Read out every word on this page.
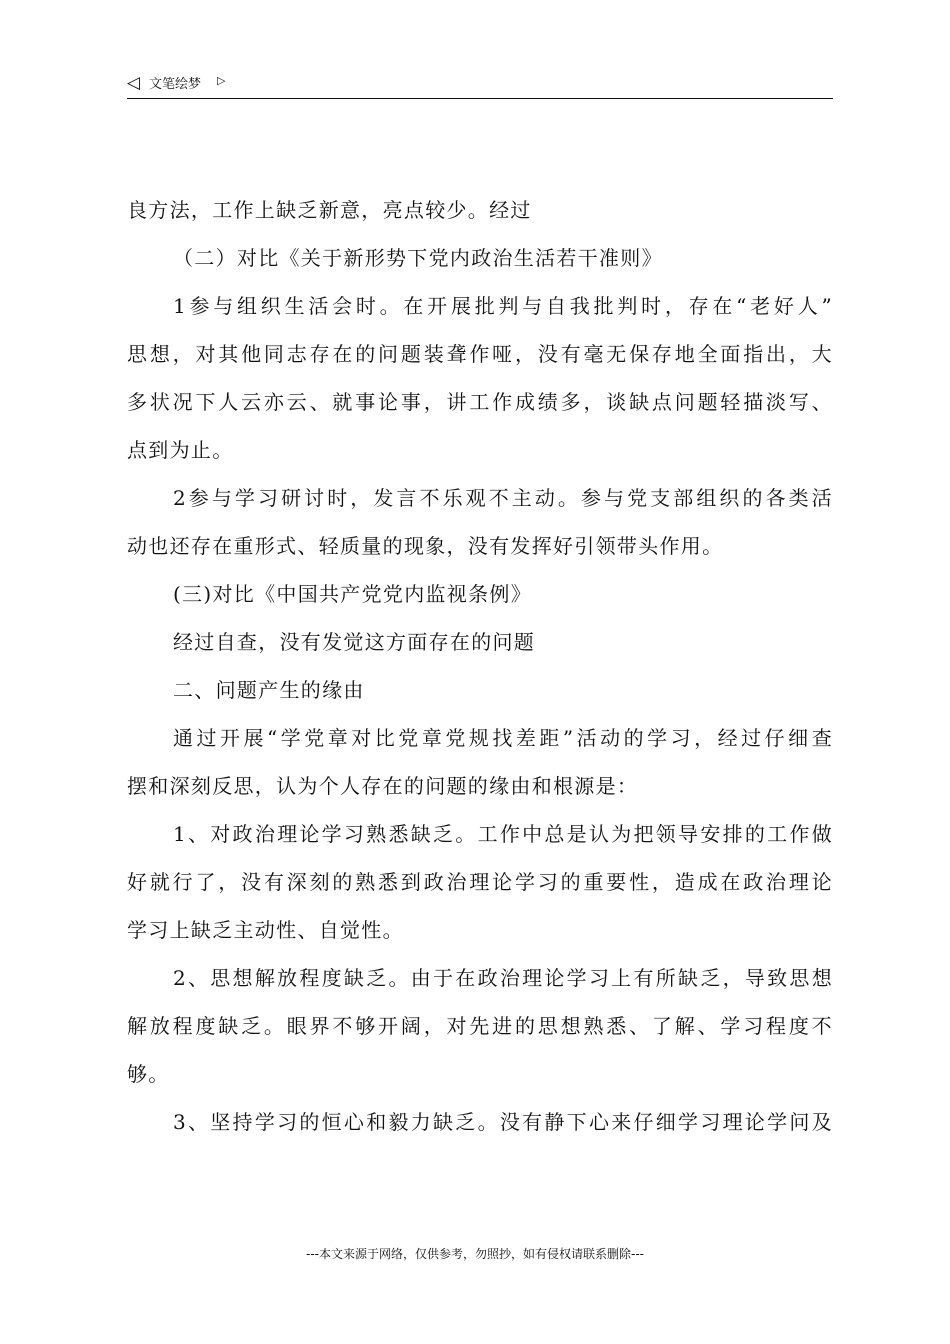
◁ 文笔绘梦 ▷
良方法，工作上缺乏新意，亮点较少。经过
（二）对比《关于新形势下党内政治生活若干准则》
1参与组织生活会时。在开展批判与自我批判时，存在“老好人”
思想，对其他同志存在的问题装聋作哑，没有毫无保存地全面指出，大
多状况下人云亦云、就事论事，讲工作成绩多，谈缺点问题轻描淡写、
点到为止。
2参与学习研讨时，发言不乐观不主动。参与党支部组织的各类活
动也还存在重形式、轻质量的现象，没有发挥好引领带头作用。
(三)对比《中国共产党党内监视条例》
经过自查，没有发觉这方面存在的问题
二、问题产生的缘由
通过开展“学党章对比党章党规找差距”活动的学习，经过仔细查
摆和深刻反思，认为个人存在的问题的缘由和根源是：
1、对政治理论学习熟悉缺乏。工作中总是认为把领导安排的工作做
好就行了，没有深刻的熟悉到政治理论学习的重要性，造成在政治理论
学习上缺乏主动性、自觉性。
2、思想解放程度缺乏。由于在政治理论学习上有所缺乏，导致思想
解放程度缺乏。眼界不够开阔，对先进的思想熟悉、了解、学习程度不
够。
3、坚持学习的恒心和毅力缺乏。没有静下心来仔细学习理论学问及
---本文来源于网络，仅供参考，勿照抄，如有侵权请联系删除---
